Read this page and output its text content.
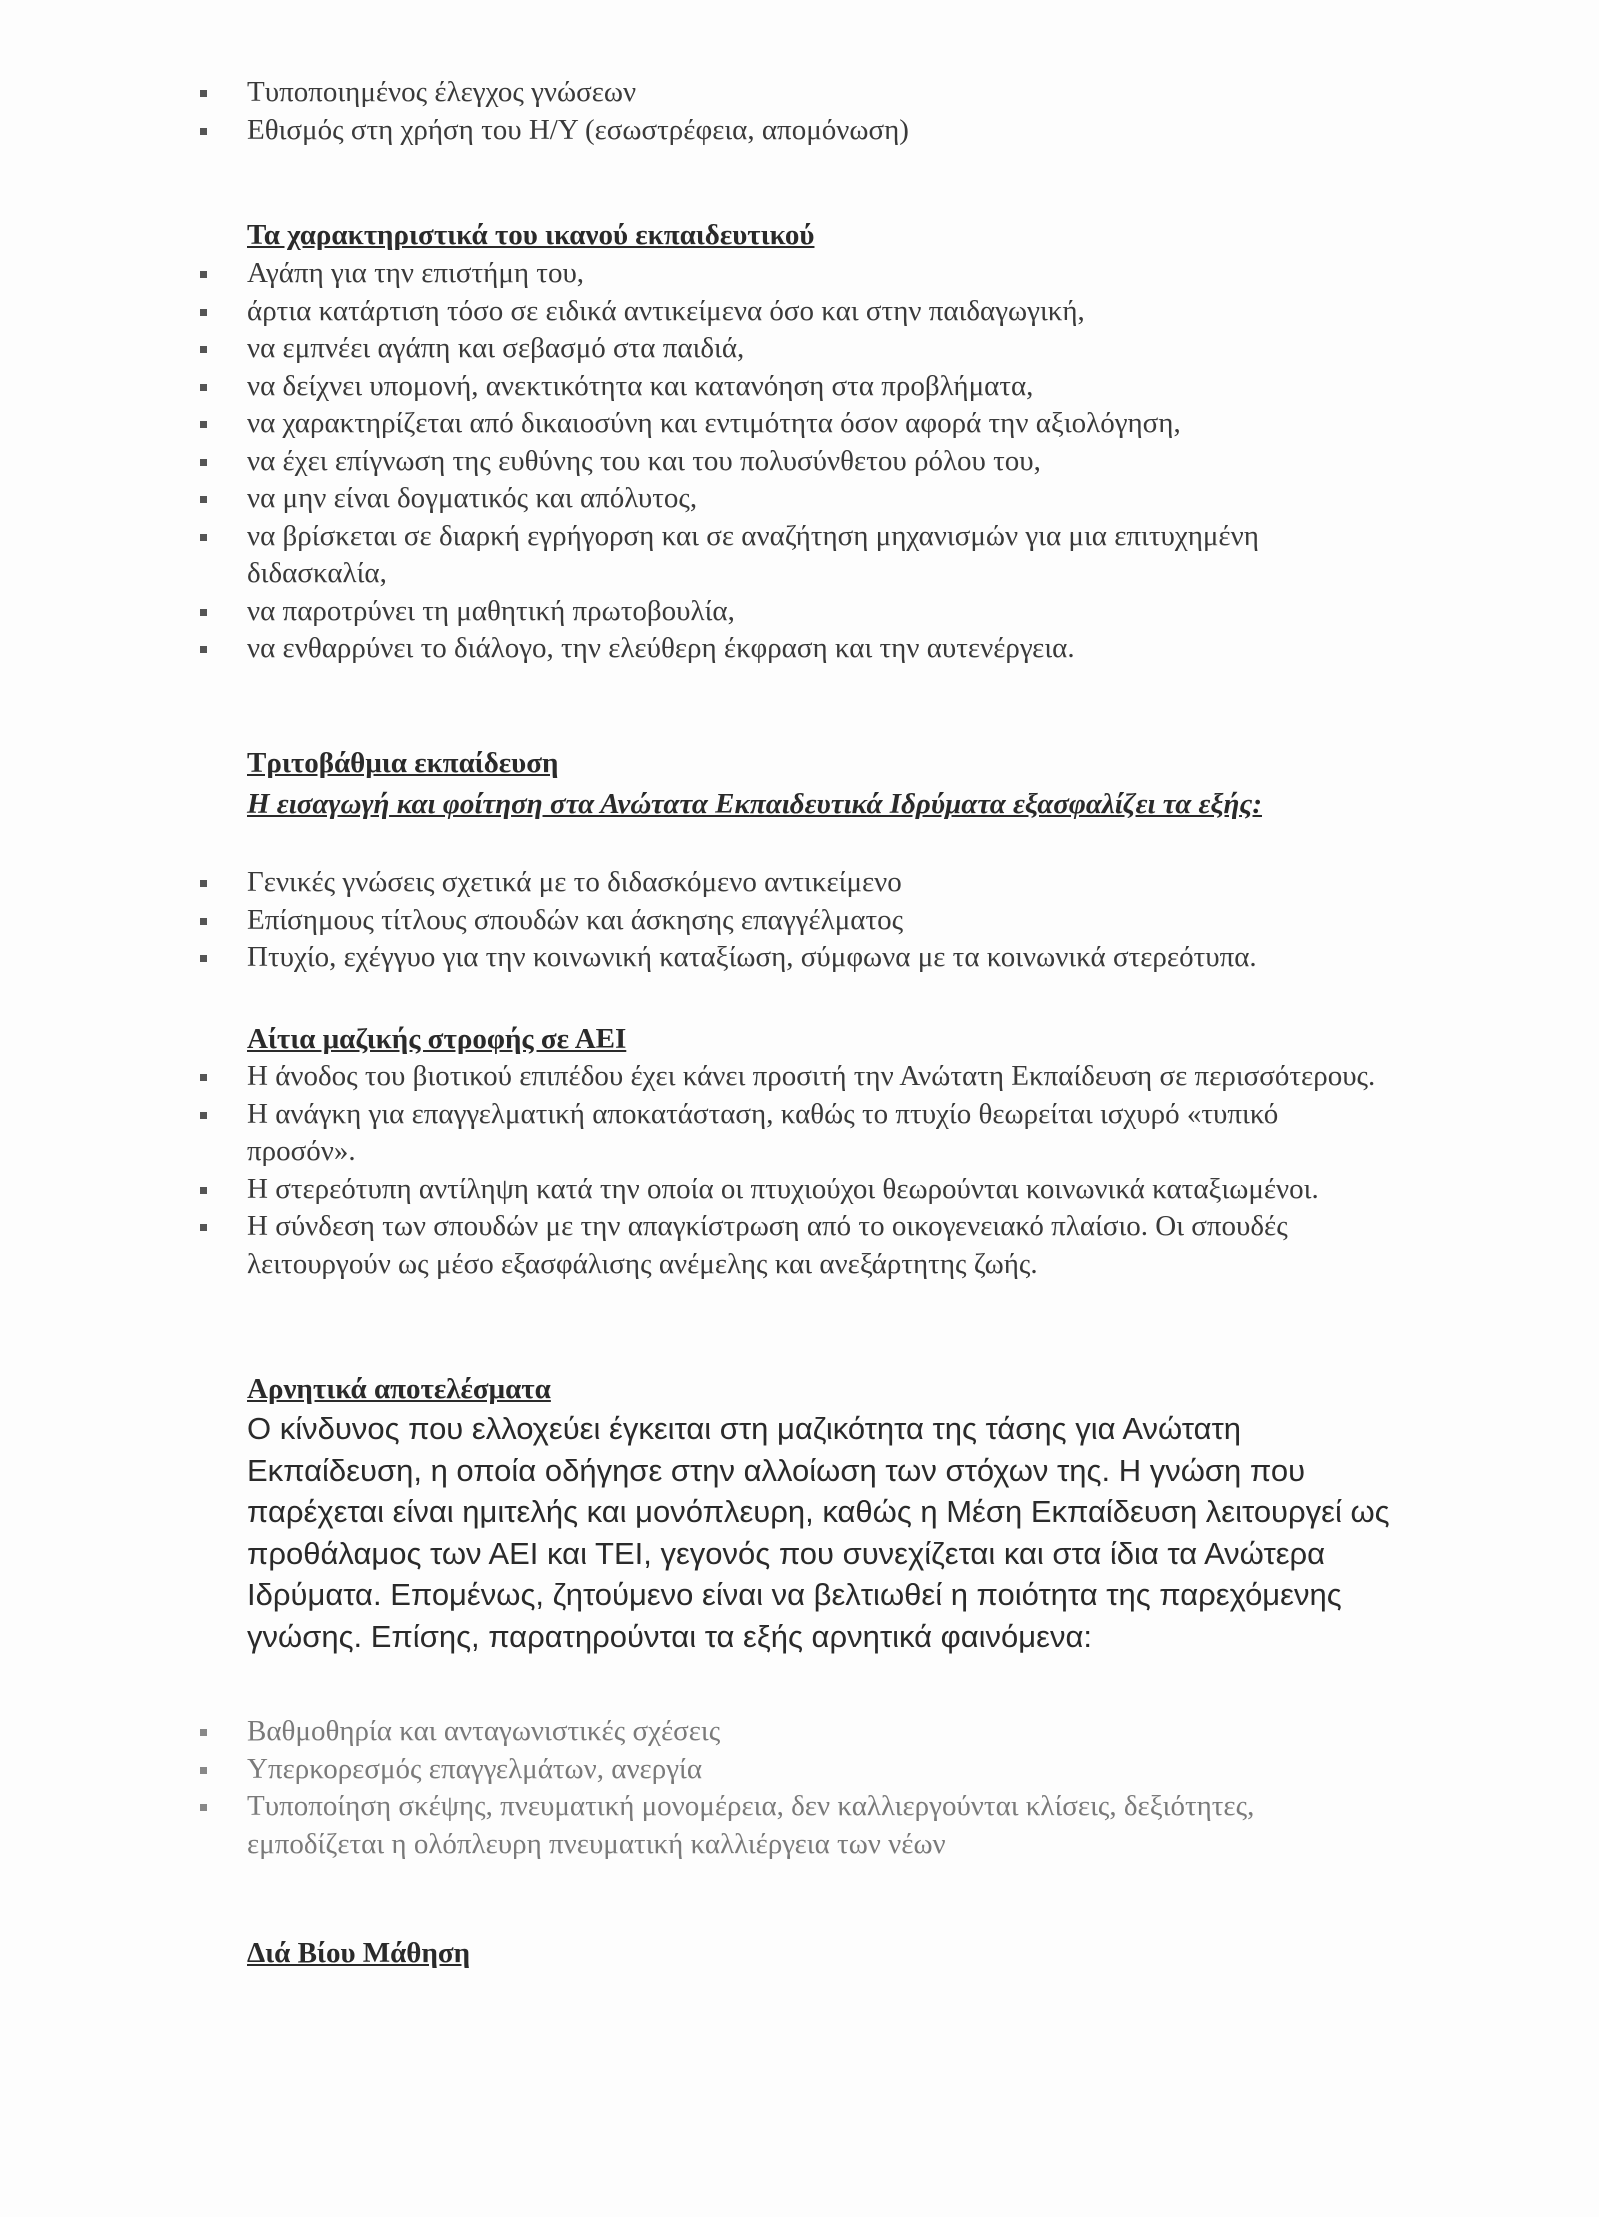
Τυποποιημένος έλεγχος γνώσεων
Εθισμός στη χρήση του Η/Υ (εσωστρέφεια, απομόνωση)
Τα χαρακτηριστικά του ικανού εκπαιδευτικού
Αγάπη για την επιστήμη του,
άρτια κατάρτιση τόσο σε ειδικά αντικείμενα όσο και στην παιδαγωγική,
να εμπνέει αγάπη και σεβασμό στα παιδιά,
να δείχνει υπομονή, ανεκτικότητα και κατανόηση στα προβλήματα,
να χαρακτηρίζεται από δικαιοσύνη και εντιμότητα όσον αφορά την αξιολόγηση,
να έχει επίγνωση της ευθύνης του και του πολυσύνθετου ρόλου του,
να μην είναι δογματικός και απόλυτος,
να βρίσκεται σε διαρκή εγρήγορση και σε αναζήτηση μηχανισμών για μια επιτυχημένη διδασκαλία,
να παροτρύνει τη μαθητική πρωτοβουλία,
να ενθαρρύνει το διάλογο, την ελεύθερη έκφραση και την αυτενέργεια.
Τριτοβάθμια εκπαίδευση
Η εισαγωγή και φοίτηση στα Ανώτατα Εκπαιδευτικά Ιδρύματα εξασφαλίζει τα εξής:
Γενικές γνώσεις σχετικά με το διδασκόμενο αντικείμενο
Επίσημους τίτλους σπουδών και άσκησης επαγγέλματος
Πτυχίο, εχέγγυο για την κοινωνική καταξίωση, σύμφωνα με τα κοινωνικά στερεότυπα.
Αίτια μαζικής στροφής σε ΑΕΙ
Η άνοδος του βιοτικού επιπέδου έχει κάνει προσιτή την Ανώτατη Εκπαίδευση σε περισσότερους.
Η ανάγκη για επαγγελματική αποκατάσταση, καθώς το πτυχίο θεωρείται ισχυρό «τυπικό προσόν».
Η στερεότυπη αντίληψη κατά την οποία οι πτυχιούχοι θεωρούνται κοινωνικά καταξιωμένοι.
Η σύνδεση των σπουδών με την απαγκίστρωση από το οικογενειακό πλαίσιο. Οι σπουδές λειτουργούν ως μέσο εξασφάλισης ανέμελης και ανεξάρτητης ζωής.
Αρνητικά αποτελέσματα

Ο κίνδυνος που ελλοχεύει έγκειται στη μαζικότητα της τάσης για Ανώτατη Εκπαίδευση, η οποία οδήγησε στην αλλοίωση των στόχων της. Η γνώση που παρέχεται είναι ημιτελής και μονόπλευρη, καθώς η Μέση Εκπαίδευση λειτουργεί ως προθάλαμος των ΑΕΙ και ΤΕΙ, γεγονός που συνεχίζεται και στα ίδια τα Ανώτερα Ιδρύματα. Επομένως, ζητούμενο είναι να βελτιωθεί η ποιότητα της παρεχόμενης γνώσης. Επίσης, παρατηρούνται τα εξής αρνητικά φαινόμενα:

Βαθμοθηρία και ανταγωνιστικές σχέσεις
Υπερκορεσμός επαγγελμάτων, ανεργία
Τυποποίηση σκέψης, πνευματική μονομέρεια, δεν καλλιεργούνται κλίσεις, δεξιότητες, εμποδίζεται η ολόπλευρη πνευματική καλλιέργεια των νέων
Διά Βίου Μάθηση
